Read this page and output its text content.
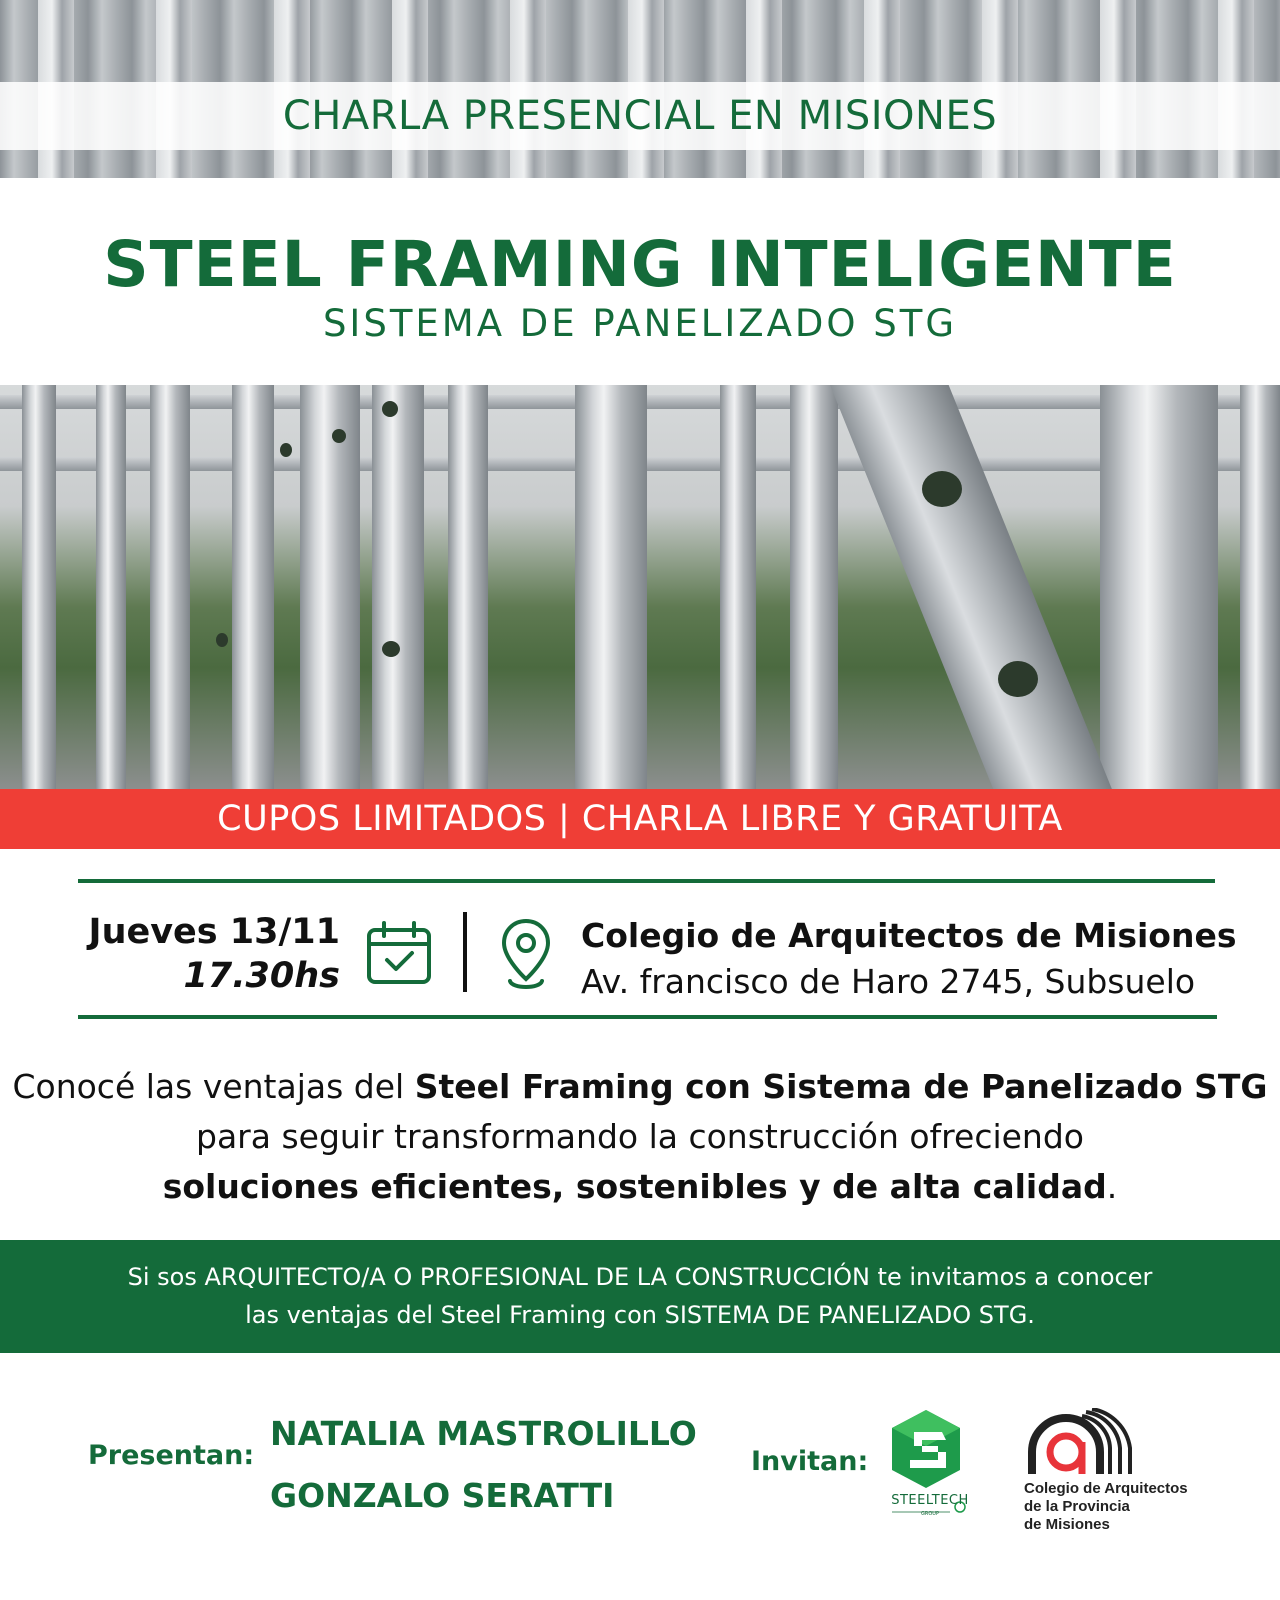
CHARLA PRESENCIAL EN MISIONES
STEEL FRAMING INTELIGENTE
SISTEMA DE PANELIZADO STG
CUPOS LIMITADOS | CHARLA LIBRE Y GRATUITA
Jueves 13/11
17.30hs
Colegio de Arquitectos de Misiones
Av. francisco de Haro 2745, Subsuelo
Conocé las ventajas del Steel Framing con Sistema de Panelizado STG
para seguir transformando la construcción ofreciendo
soluciones eficientes, sostenibles y de alta calidad.
Si sos ARQUITECTO/A O PROFESIONAL DE LA CONSTRUCCIÓN te invitamos a conocer
las ventajas del Steel Framing con SISTEMA DE PANELIZADO STG.
Presentan:
NATALIA MASTROLILLO
GONZALO SERATTI
Invitan:
STEELTECH
GROUP
Colegio de Arquitectos
de la Provincia
de Misiones
